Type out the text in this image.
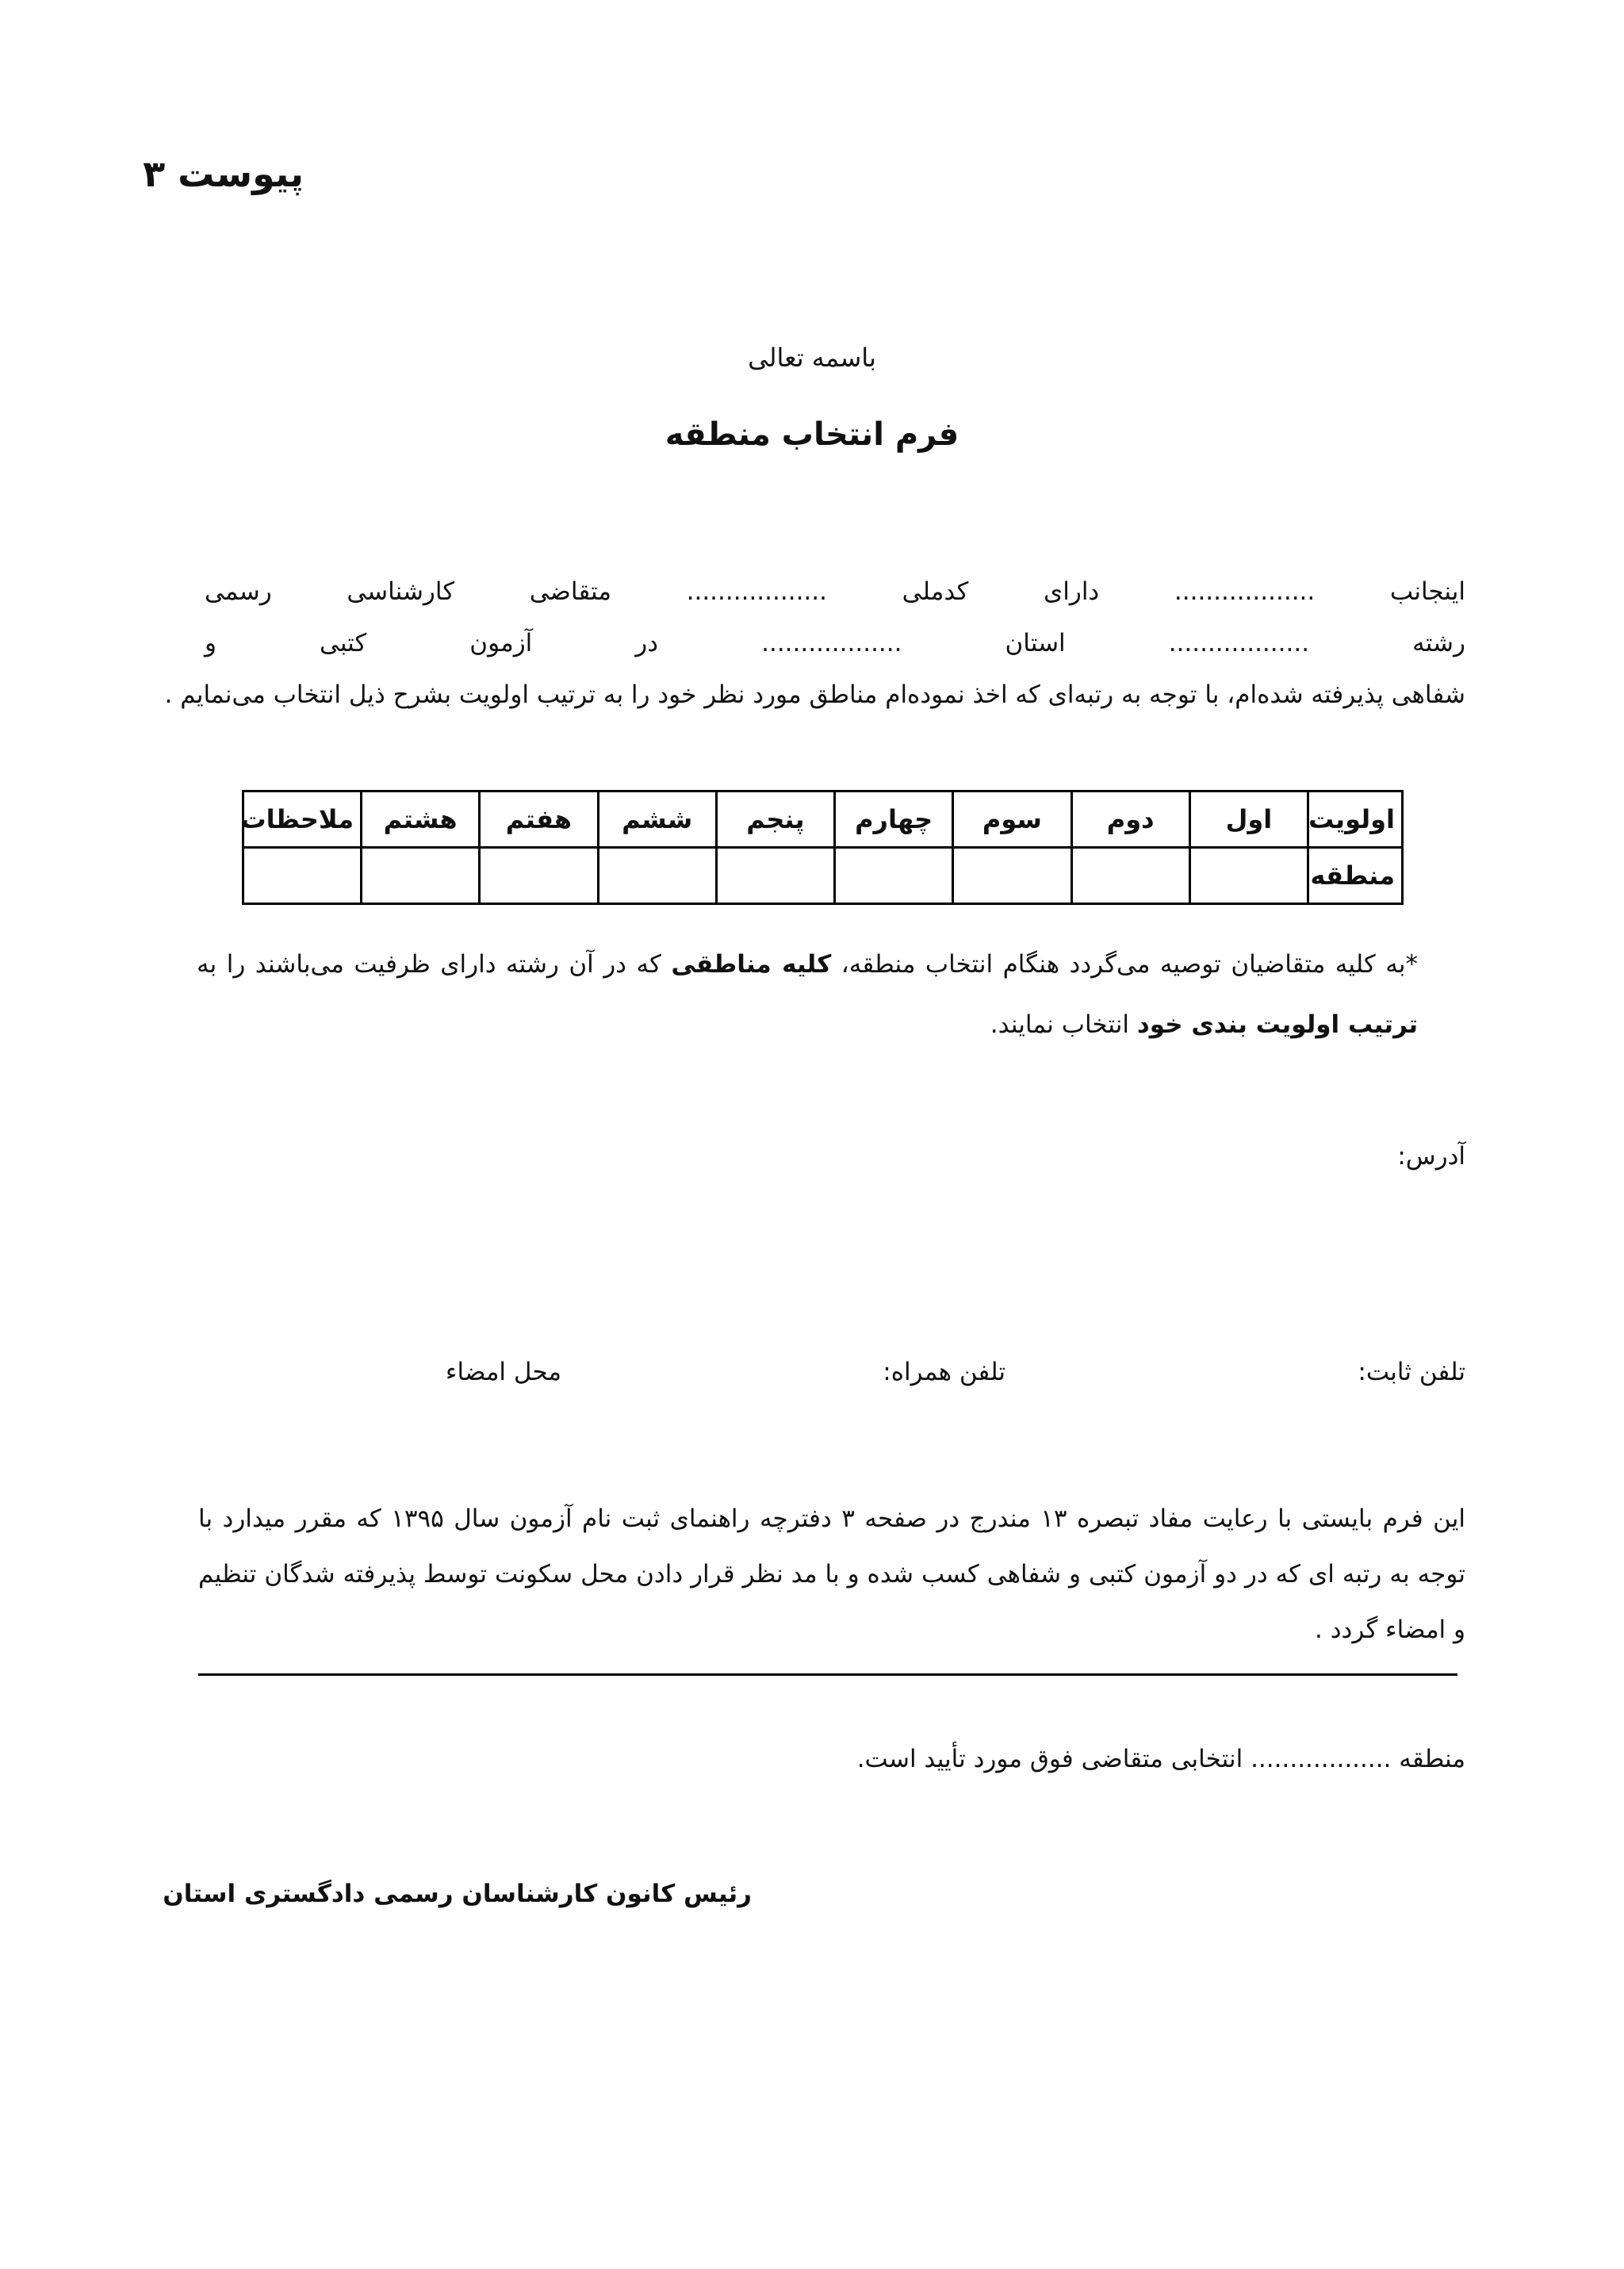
پیوست ۳
باسمه تعالی
فرم انتخاب منطقه
اینجانب .................. دارای کدملی .................. متقاضی کارشناسی رسمی
رشته .................. استان .................. در آزمون کتبی و
شفاهی پذیرفته شده‌ام، با توجه به رتبه‌ای که اخذ نموده‌ام مناطق مورد نظر خود را به ترتیب اولویت بشرح ذیل انتخاب می‌نمایم .
اولویت	اول	دوم	سوم	چهارم	پنجم	ششم	هفتم	هشتم	ملاحظات
منطقه									
*به کلیه متقاضیان توصیه می‌گردد هنگام انتخاب منطقه، کلیه مناطقی که در آن رشته دارای ظرفیت می‌باشند را به ترتیب اولویت بندی خود انتخاب نمایند.
آدرس:
تلفن ثابت:
تلفن همراه:
محل امضاء
این فرم بایستی با رعایت مفاد تبصره ۱۳ مندرج در صفحه ۳ دفترچه راهنمای ثبت نام آزمون سال ۱۳۹۵ که مقرر میدارد با توجه به رتبه ای که در دو آزمون کتبی و شفاهی کسب شده و با مد نظر قرار دادن محل سکونت توسط پذیرفته شدگان تنظیم و امضاء گردد .
منطقه .................. انتخابی متقاضی فوق مورد تأیید است.
رئیس کانون کارشناسان رسمی دادگستری استان
